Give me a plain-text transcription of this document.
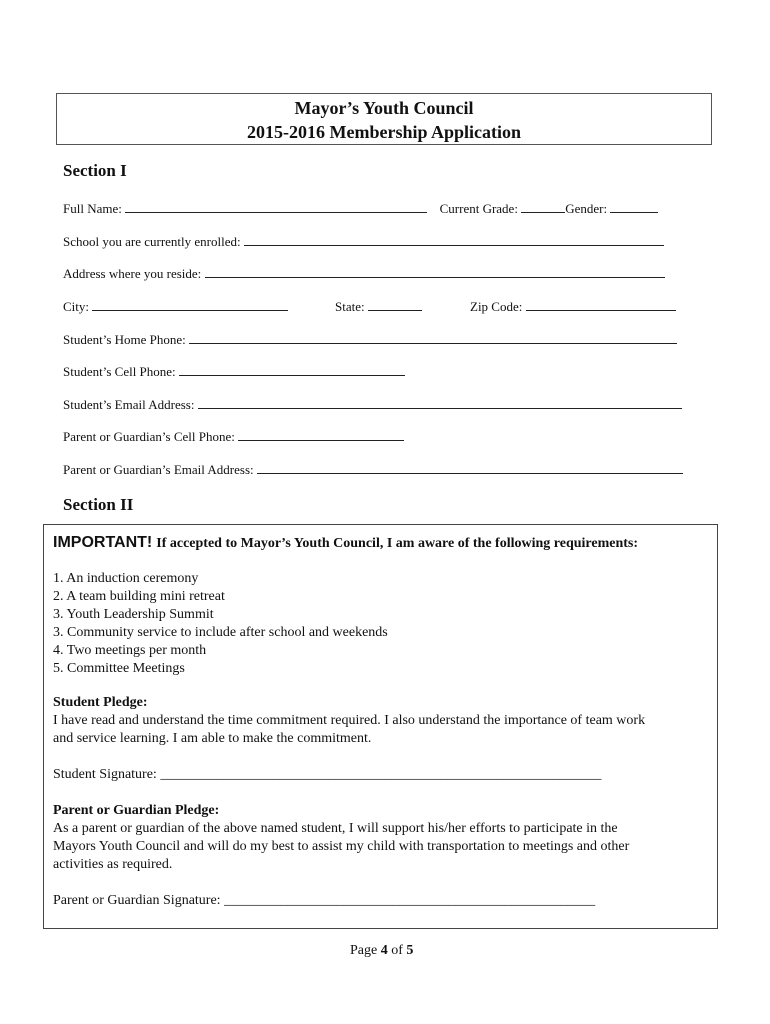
Mayor’s Youth Council
2015-2016 Membership Application
Section I
Full Name:	Current Grade:	Gender:
School you are currently enrolled:
Address where you reside:
City:	State:	Zip Code:
Student’s Home Phone:
Student’s Cell Phone:
Student’s Email Address:
Parent or Guardian’s Cell Phone:
Parent or Guardian’s Email Address:
Section II
IMPORTANT! If accepted to Mayor’s Youth Council, I am aware of the following requirements:
1. An induction ceremony
2. A team building mini retreat
3. Youth Leadership Summit
3. Community service to include after school and weekends
4. Two meetings per month
5. Committee Meetings
Student Pledge:
I have read and understand the time commitment required. I also understand the importance of team work
and service learning. I am able to make the commitment.
Student Signature: _______________________________________________________________
Parent or Guardian Pledge:
As a parent or guardian of the above named student, I will support his/her efforts to participate in the
Mayors Youth Council and will do my best to assist my child with transportation to meetings and other
activities as required.
Parent or Guardian Signature: _____________________________________________________
Page 4 of 5
